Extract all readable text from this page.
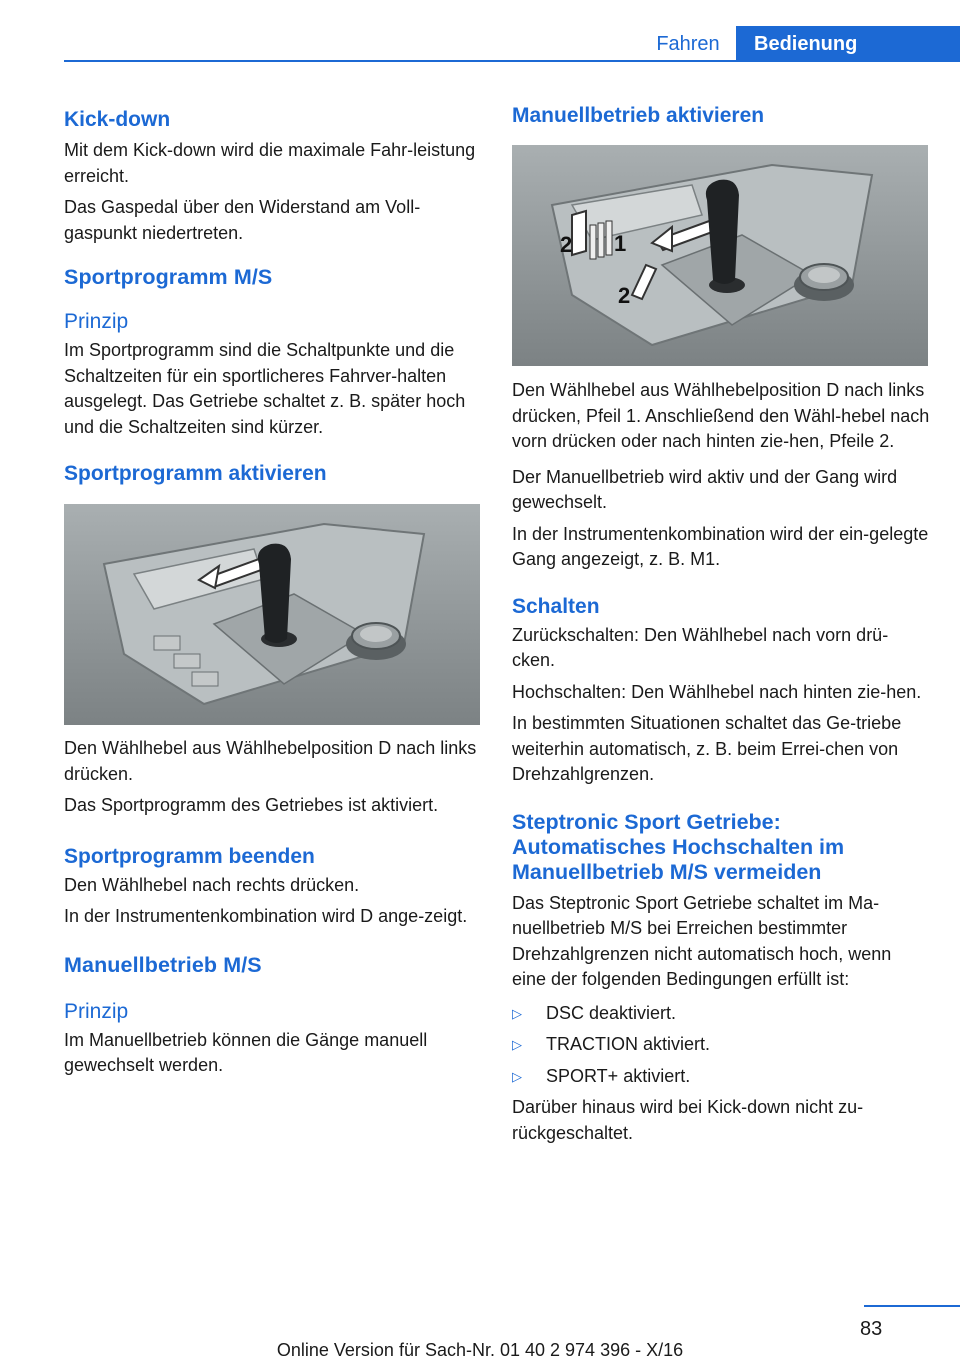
Fahren	Bedienung
Kick-down

Mit dem Kick-down wird die maximale Fahr-leistung erreicht.

Das Gaspedal über den Widerstand am Voll-gaspunkt niedertreten.

Sportprogramm M/S
Prinzip

Im Sportprogramm sind die Schaltpunkte und die Schaltzeiten für ein sportlicheres Fahrver-halten ausgelegt. Das Getriebe schaltet z. B. später hoch und die Schaltzeiten sind kürzer.

Sportprogramm aktivieren

Den Wählhebel aus Wählhebelposition D nach links drücken.

Das Sportprogramm des Getriebes ist aktiviert.

Sportprogramm beenden

Den Wählhebel nach rechts drücken.

In der Instrumentenkombination wird D ange-zeigt.

Manuellbetrieb M/S
Prinzip

Im Manuellbetrieb können die Gänge manuell gewechselt werden.

Manuellbetrieb aktivieren
1
2
2

Den Wählhebel aus Wählhebelposition D nach links drücken, Pfeil 1. Anschließend den Wähl-hebel nach vorn drücken oder nach hinten zie-hen, Pfeile 2.

Der Manuellbetrieb wird aktiv und der Gang wird gewechselt.

In der Instrumentenkombination wird der ein-gelegte Gang angezeigt, z. B. M1.

Schalten

Zurückschalten: Den Wählhebel nach vorn drü-cken.

Hochschalten: Den Wählhebel nach hinten zie-hen.

In bestimmten Situationen schaltet das Ge-triebe weiterhin automatisch, z. B. beim Errei-chen von Drehzahlgrenzen.

Steptronic Sport Getriebe: Automatisches Hochschalten im Manuellbetrieb M/S vermeiden

Das Steptronic Sport Getriebe schaltet im Ma-nuellbetrieb M/S bei Erreichen bestimmter Drehzahlgrenzen nicht automatisch hoch, wenn eine der folgenden Bedingungen erfüllt ist:

▷ DSC deaktiviert.
▷ TRACTION aktiviert.
▷ SPORT+ aktiviert.

Darüber hinaus wird bei Kick-down nicht zu-rückgeschaltet.

83
Online Version für Sach-Nr. 01 40 2 974 396 - X/16
